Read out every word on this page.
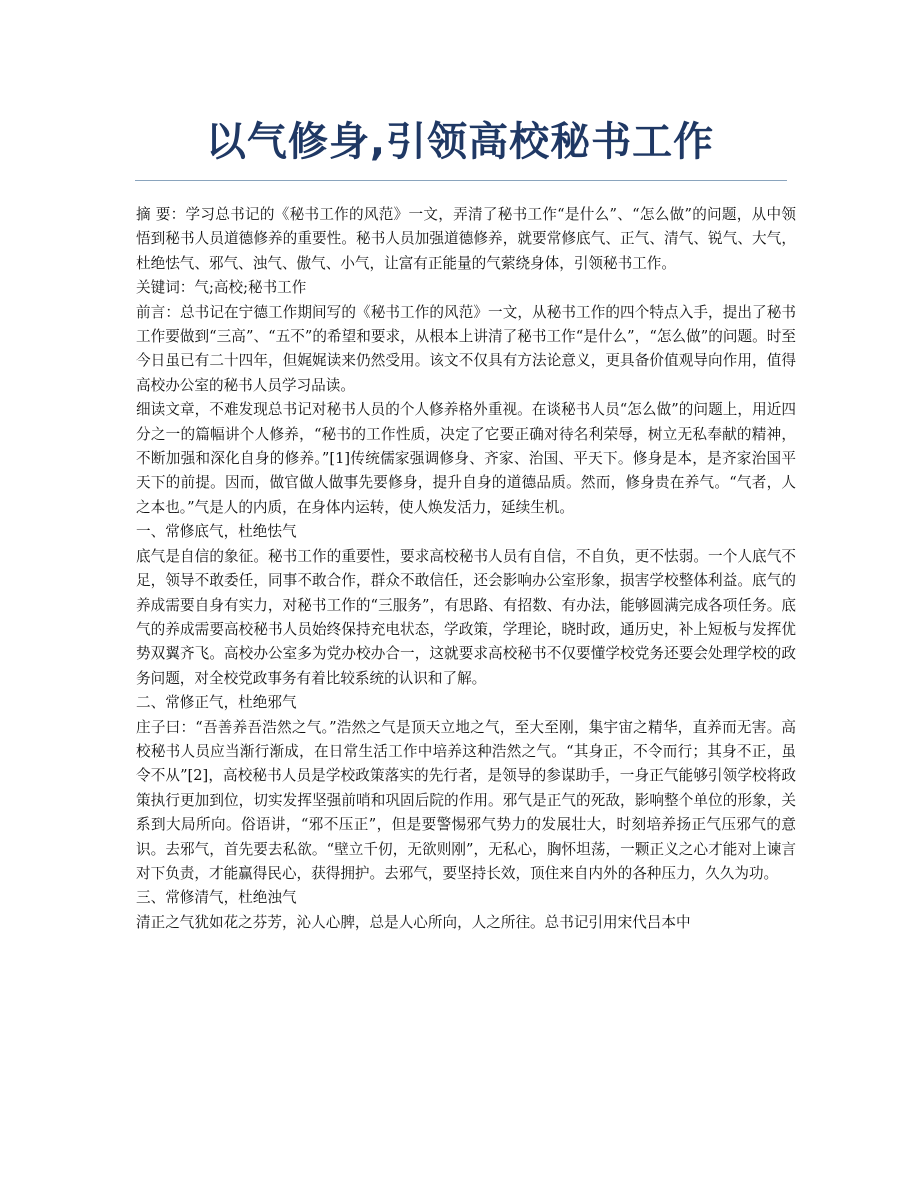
以气修身,引领高校秘书工作

摘 要：学习总书记的《秘书工作的风范》一文，弄清了秘书工作“是什么”、“怎么做”的问题，从中领悟到秘书人员道德修养的重要性。秘书人员加强道德修养，就要常修底气、正气、清气、锐气、大气，杜绝怯气、邪气、浊气、傲气、小气，让富有正能量的气萦绕身体，引领秘书工作。

关键词：气;高校;秘书工作

前言：总书记在宁德工作期间写的《秘书工作的风范》一文，从秘书工作的四个特点入手，提出了秘书工作要做到“三高”、“五不”的希望和要求，从根本上讲清了秘书工作“是什么”，“怎么做”的问题。时至今日虽已有二十四年，但娓娓读来仍然受用。该文不仅具有方法论意义，更具备价值观导向作用，值得高校办公室的秘书人员学习品读。

细读文章，不难发现总书记对秘书人员的个人修养格外重视。在谈秘书人员“怎么做”的问题上，用近四分之一的篇幅讲个人修养，“秘书的工作性质，决定了它要正确对待名利荣辱，树立无私奉献的精神，不断加强和深化自身的修养。”[1]传统儒家强调修身、齐家、治国、平天下。修身是本，是齐家治国平天下的前提。因而，做官做人做事先要修身，提升自身的道德品质。然而，修身贵在养气。“气者，人之本也。”气是人的内质，在身体内运转，使人焕发活力，延续生机。

一、常修底气，杜绝怯气

底气是自信的象征。秘书工作的重要性，要求高校秘书人员有自信，不自负，更不怯弱。一个人底气不足，领导不敢委任，同事不敢合作，群众不敢信任，还会影响办公室形象，损害学校整体利益。底气的养成需要自身有实力，对秘书工作的“三服务”，有思路、有招数、有办法，能够圆满完成各项任务。底气的养成需要高校秘书人员始终保持充电状态，学政策，学理论，晓时政，通历史，补上短板与发挥优势双翼齐飞。高校办公室多为党办校办合一，这就要求高校秘书不仅要懂学校党务还要会处理学校的政务问题，对全校党政事务有着比较系统的认识和了解。

二、常修正气，杜绝邪气

庄子曰：“吾善养吾浩然之气。”浩然之气是顶天立地之气，至大至刚，集宇宙之精华，直养而无害。高校秘书人员应当渐行渐成，在日常生活工作中培养这种浩然之气。“其身正，不令而行；其身不正，虽令不从”[2]，高校秘书人员是学校政策落实的先行者，是领导的参谋助手，一身正气能够引领学校将政策执行更加到位，切实发挥坚强前哨和巩固后院的作用。邪气是正气的死敌，影响整个单位的形象，关系到大局所向。俗语讲，“邪不压正”，但是要警惕邪气势力的发展壮大，时刻培养扬正气压邪气的意识。去邪气，首先要去私欲。“壁立千仞，无欲则刚”，无私心，胸怀坦荡，一颗正义之心才能对上谏言对下负责，才能赢得民心，获得拥护。去邪气，要坚持长效，顶住来自内外的各种压力，久久为功。

三、常修清气，杜绝浊气

清正之气犹如花之芬芳，沁人心脾，总是人心所向，人之所往。总书记引用宋代吕本中
